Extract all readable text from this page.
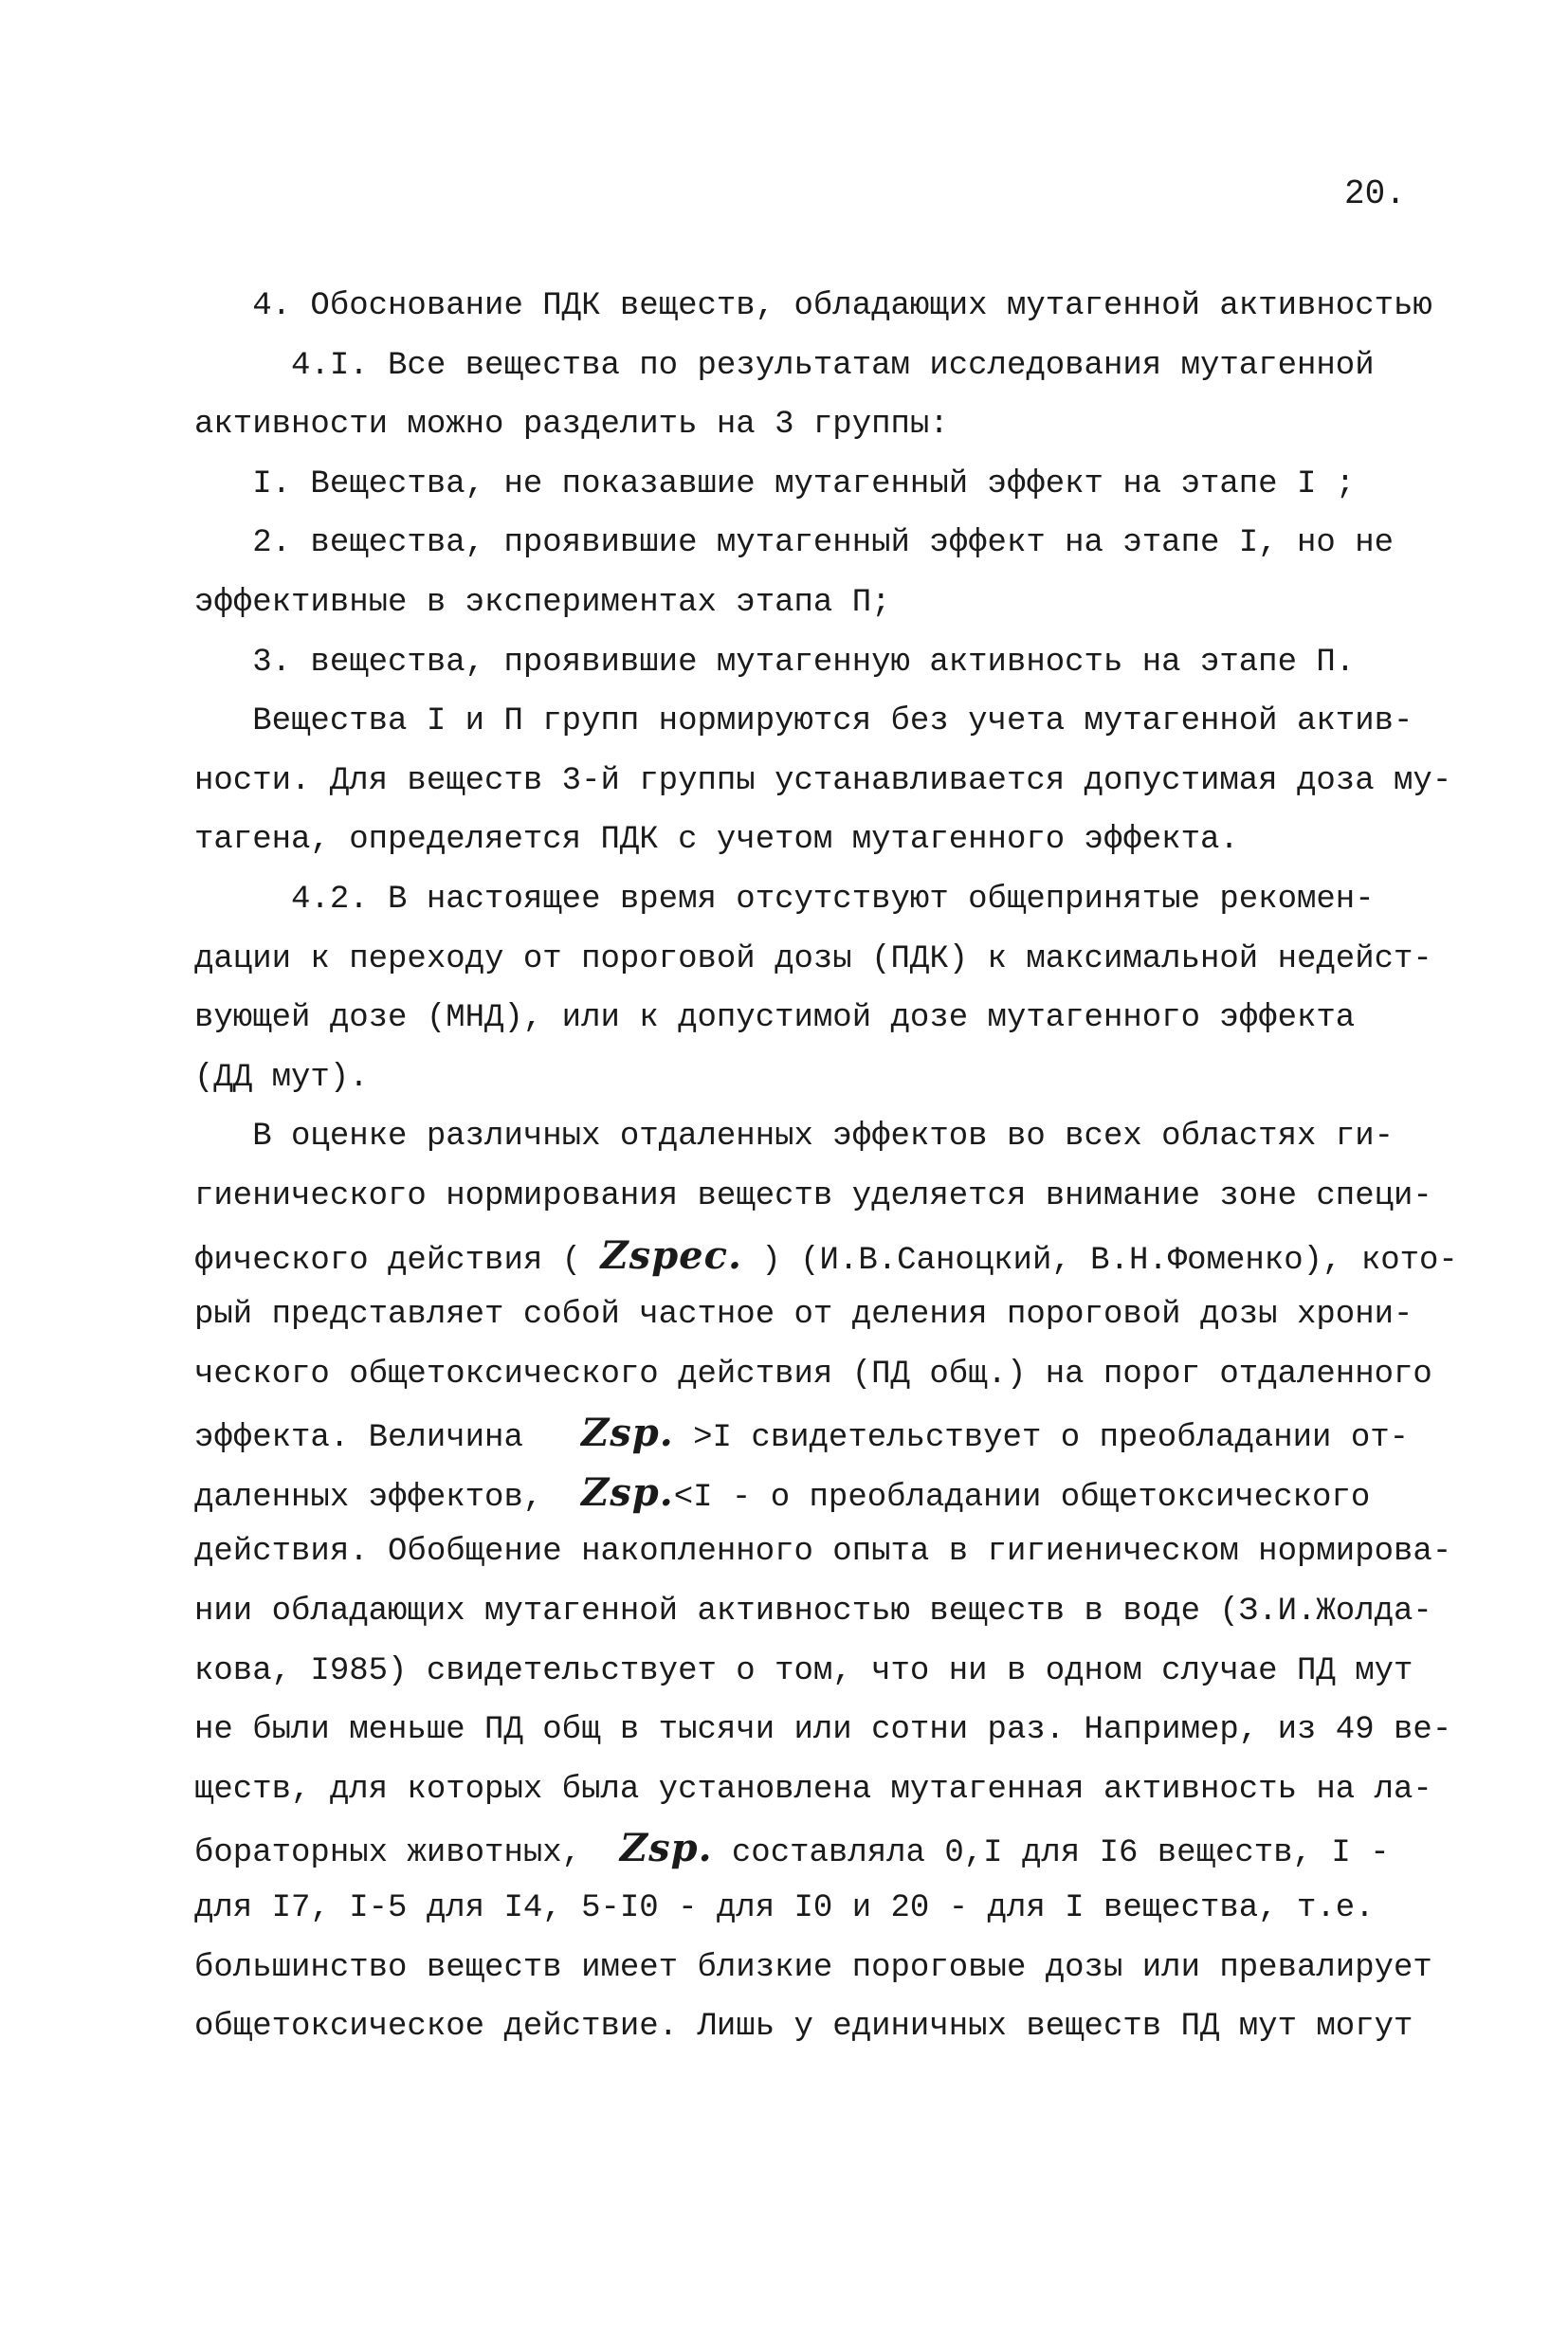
20.
4. Обоснование ПДК веществ, обладающих мутагенной активностью
4.I. Все вещества по результатам исследования мутагенной
активности можно разделить на 3 группы:
I. Вещества, не показавшие мутагенный эффект на этапе I ;
2. вещества, проявившие мутагенный эффект на этапе I, но не
эффективные в экспериментах этапа П;
3. вещества, проявившие мутагенную активность на этапе П.
Вещества I и П групп нормируются без учета мутагенной актив-
ности. Для веществ 3-й группы устанавливается допустимая доза му-
тагена, определяется ПДК с учетом мутагенного эффекта.
4.2. В настоящее время отсутствуют общепринятые рекомен-
дации к переходу от пороговой дозы (ПДК) к максимальной недейст-
вующей дозе (МНД), или к допустимой дозе мутагенного эффекта
(ДД мут).
В оценке различных отдаленных эффектов во всех областях ги-
гиенического нормирования веществ уделяется внимание зоне специ-
фического действия ( Zspec. ) (И.В.Саноцкий, В.Н.Фоменко), кото-
рый представляет собой частное от деления пороговой дозы хрони-
ческого общетоксического действия (ПД общ.) на порог отдаленного
эффекта. Величина   Zsp. >I свидетельствует о преобладании от-
даленных эффектов,  Zsp.<I - о преобладании общетоксического
действия. Обобщение накопленного опыта в гигиеническом нормирова-
нии обладающих мутагенной активностью веществ в воде (З.И.Жолда-
кова, I985) свидетельствует о том, что ни в одном случае ПД мут
не были меньше ПД общ в тысячи или сотни раз. Например, из 49 ве-
ществ, для которых была установлена мутагенная активность на ла-
бораторных животных,  Zsp. составляла 0,I для I6 веществ, I -
для I7, I-5 для I4, 5-I0 - для I0 и 20 - для I вещества, т.е.
большинство веществ имеет близкие пороговые дозы или превалирует
общетоксическое действие. Лишь у единичных веществ ПД мут могут
